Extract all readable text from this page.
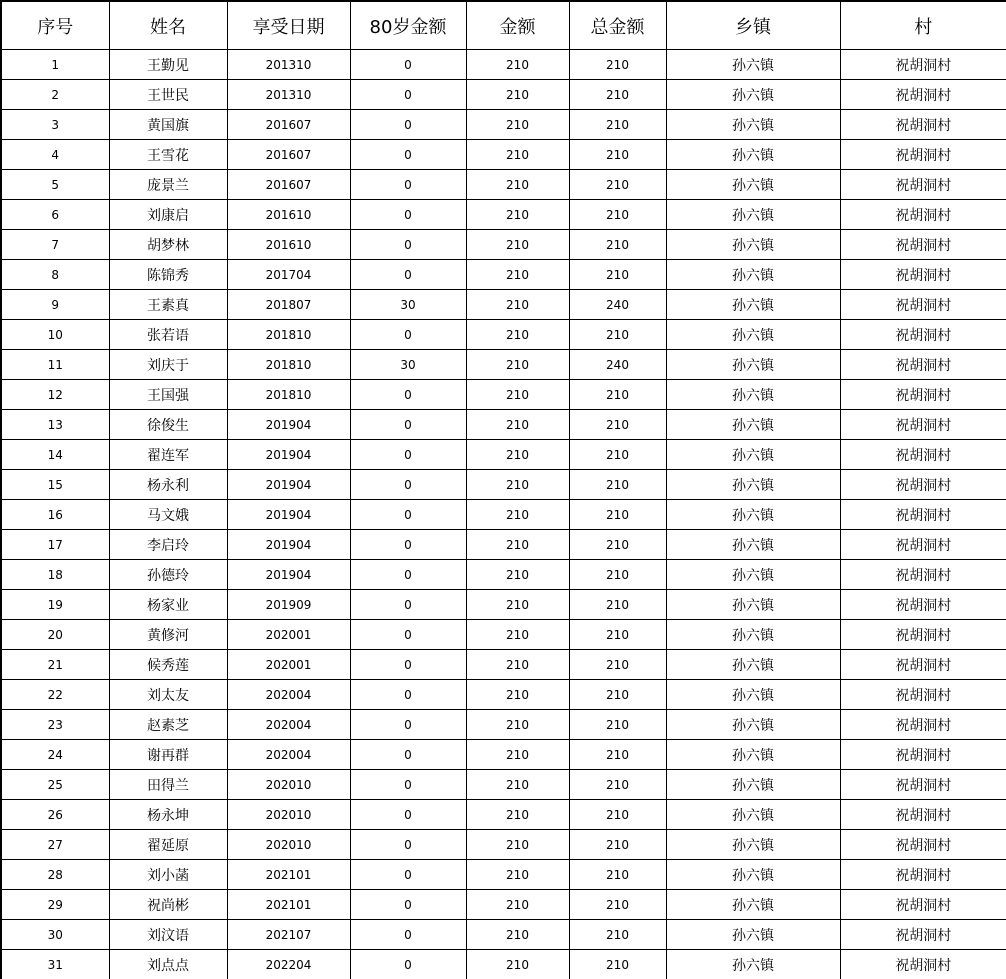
序号	姓名	享受日期	80岁金额	金额	总金额	乡镇	村
1	王勤见	201310	0	210	210	孙六镇	祝胡洞村
2	王世民	201310	0	210	210	孙六镇	祝胡洞村
3	黄国旗	201607	0	210	210	孙六镇	祝胡洞村
4	王雪花	201607	0	210	210	孙六镇	祝胡洞村
5	庞景兰	201607	0	210	210	孙六镇	祝胡洞村
6	刘康启	201610	0	210	210	孙六镇	祝胡洞村
7	胡梦林	201610	0	210	210	孙六镇	祝胡洞村
8	陈锦秀	201704	0	210	210	孙六镇	祝胡洞村
9	王素真	201807	30	210	240	孙六镇	祝胡洞村
10	张若语	201810	0	210	210	孙六镇	祝胡洞村
11	刘庆于	201810	30	210	240	孙六镇	祝胡洞村
12	王国强	201810	0	210	210	孙六镇	祝胡洞村
13	徐俊生	201904	0	210	210	孙六镇	祝胡洞村
14	翟连军	201904	0	210	210	孙六镇	祝胡洞村
15	杨永利	201904	0	210	210	孙六镇	祝胡洞村
16	马文娥	201904	0	210	210	孙六镇	祝胡洞村
17	李启玲	201904	0	210	210	孙六镇	祝胡洞村
18	孙德玲	201904	0	210	210	孙六镇	祝胡洞村
19	杨家业	201909	0	210	210	孙六镇	祝胡洞村
20	黄修河	202001	0	210	210	孙六镇	祝胡洞村
21	候秀莲	202001	0	210	210	孙六镇	祝胡洞村
22	刘太友	202004	0	210	210	孙六镇	祝胡洞村
23	赵素芝	202004	0	210	210	孙六镇	祝胡洞村
24	谢再群	202004	0	210	210	孙六镇	祝胡洞村
25	田得兰	202010	0	210	210	孙六镇	祝胡洞村
26	杨永坤	202010	0	210	210	孙六镇	祝胡洞村
27	翟延原	202010	0	210	210	孙六镇	祝胡洞村
28	刘小菡	202101	0	210	210	孙六镇	祝胡洞村
29	祝尚彬	202101	0	210	210	孙六镇	祝胡洞村
30	刘汶语	202107	0	210	210	孙六镇	祝胡洞村
31	刘点点	202204	0	210	210	孙六镇	祝胡洞村
